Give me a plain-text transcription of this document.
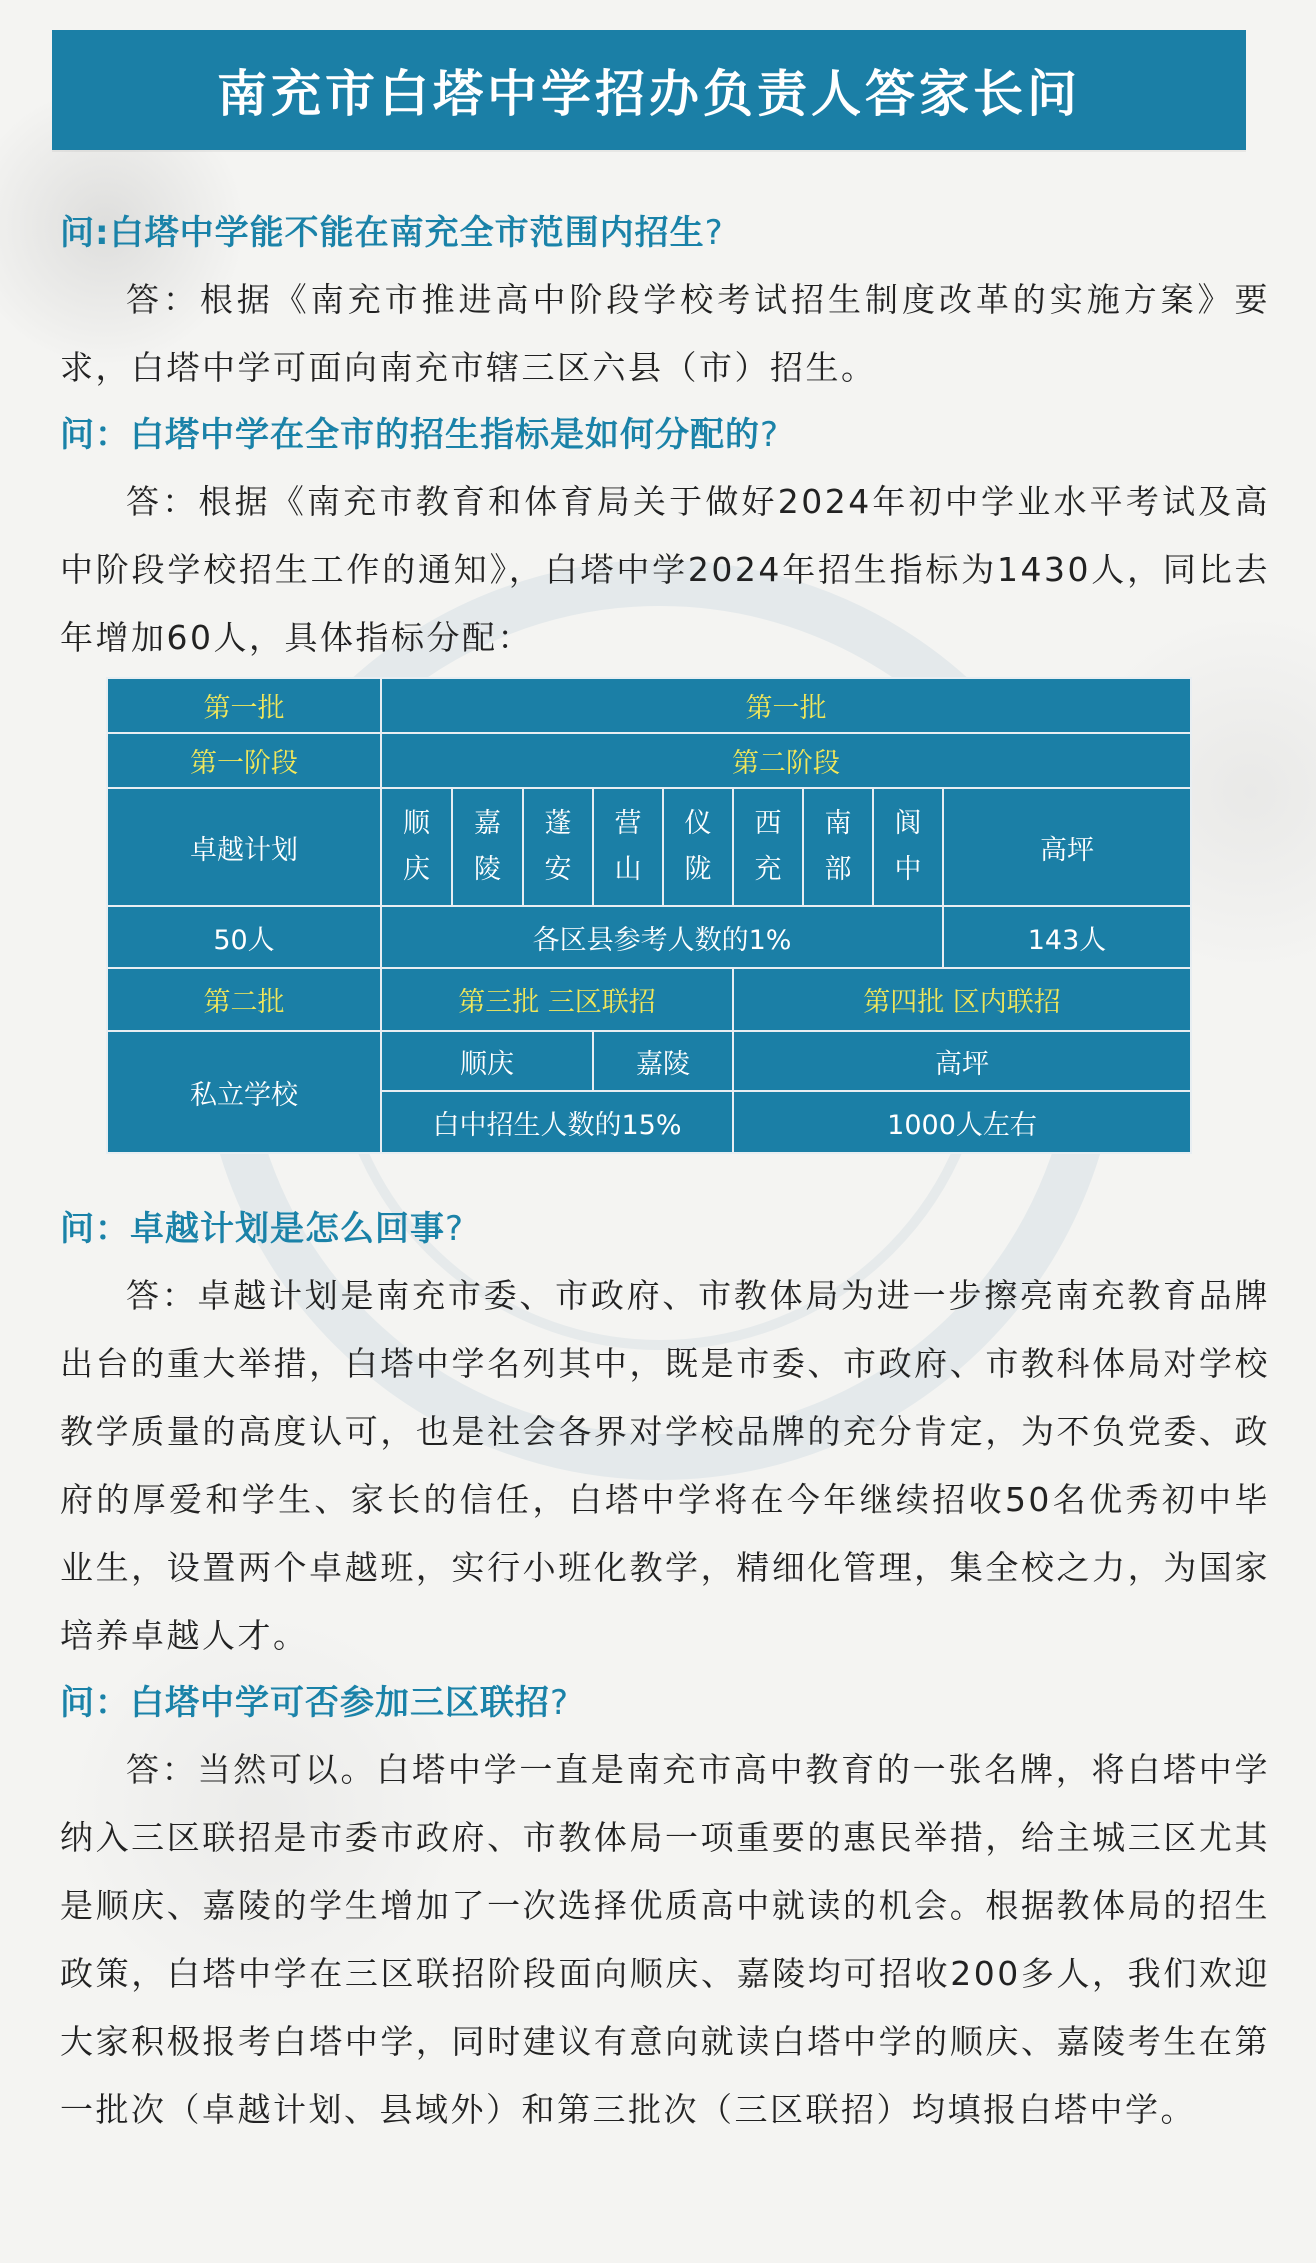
南充市白塔中学招办负责人答家长问

问:白塔中学能不能在南充全市范围内招生?

答：根据《南充市推进高中阶段学校考试招生制度改革的实施方案》要求，白塔中学可面向南充市辖三区六县（市）招生。

问：白塔中学在全市的招生指标是如何分配的?

答：根据《南充市教育和体育局关于做好2024年初中学业水平考试及高中阶段学校招生工作的通知》，白塔中学2024年招生指标为1430人，同比去年增加60人，具体指标分配：

第一批	第一批								
第一阶段	第二阶段								
卓越计划	顺庆	嘉陵	蓬安	营山	仪陇	西充	南部	阆中	高坪
50人	各区县参考人数的1%								143人
第二批	第三批 三区联招					第四批 区内联招			
私立学校	顺庆			嘉陵		高坪			
	白中招生人数的15%					1000人左右			

问：卓越计划是怎么回事?

答：卓越计划是南充市委、市政府、市教体局为进一步擦亮南充教育品牌出台的重大举措，白塔中学名列其中，既是市委、市政府、市教科体局对学校教学质量的高度认可，也是社会各界对学校品牌的充分肯定，为不负党委、政府的厚爱和学生、家长的信任，白塔中学将在今年继续招收50名优秀初中毕业生，设置两个卓越班，实行小班化教学，精细化管理，集全校之力，为国家培养卓越人才。

问：白塔中学可否参加三区联招?

答：当然可以。白塔中学一直是南充市高中教育的一张名牌，将白塔中学纳入三区联招是市委市政府、市教体局一项重要的惠民举措，给主城三区尤其是顺庆、嘉陵的学生增加了一次选择优质高中就读的机会。根据教体局的招生政策，白塔中学在三区联招阶段面向顺庆、嘉陵均可招收200多人，我们欢迎大家积极报考白塔中学，同时建议有意向就读白塔中学的顺庆、嘉陵考生在第一批次（卓越计划、县域外）和第三批次（三区联招）均填报白塔中学。
